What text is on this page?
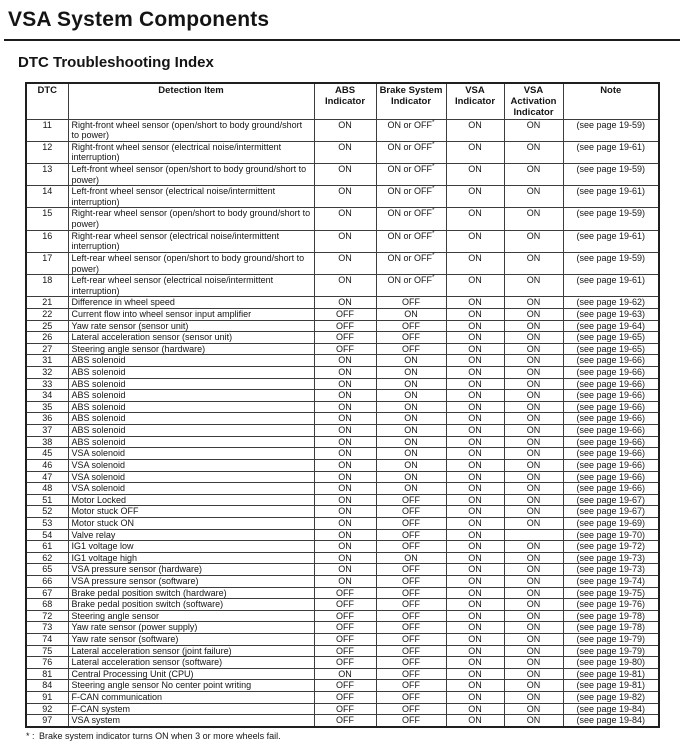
VSA System Components
DTC Troubleshooting Index
DTC	Detection Item	ABS Indicator	Brake System Indicator	VSA Indicator	VSA Activation Indicator	Note
11	Right-front wheel sensor (open/short to body ground/short to power)	ON	ON or OFF*	ON	ON	(see page 19-59)
12	Right-front wheel sensor (electrical noise/intermittent interruption)	ON	ON or OFF*	ON	ON	(see page 19-61)
13	Left-front wheel sensor (open/short to body ground/short to power)	ON	ON or OFF*	ON	ON	(see page 19-59)
14	Left-front wheel sensor (electrical noise/intermittent interruption)	ON	ON or OFF*	ON	ON	(see page 19-61)
15	Right-rear wheel sensor (open/short to body ground/short to power)	ON	ON or OFF*	ON	ON	(see page 19-59)
16	Right-rear wheel sensor (electrical noise/intermittent interruption)	ON	ON or OFF*	ON	ON	(see page 19-61)
17	Left-rear wheel sensor (open/short to body ground/short to power)	ON	ON or OFF*	ON	ON	(see page 19-59)
18	Left-rear wheel sensor (electrical noise/intermittent interruption)	ON	ON or OFF*	ON	ON	(see page 19-61)
21	Difference in wheel speed	ON	OFF	ON	ON	(see page 19-62)
22	Current flow into wheel sensor input amplifier	OFF	ON	ON	ON	(see page 19-63)
25	Yaw rate sensor (sensor unit)	OFF	OFF	ON	ON	(see page 19-64)
26	Lateral acceleration sensor (sensor unit)	OFF	OFF	ON	ON	(see page 19-65)
27	Steering angle sensor (hardware)	OFF	OFF	ON	ON	(see page 19-65)
31	ABS solenoid	ON	ON	ON	ON	(see page 19-66)
32	ABS solenoid	ON	ON	ON	ON	(see page 19-66)
33	ABS solenoid	ON	ON	ON	ON	(see page 19-66)
34	ABS solenoid	ON	ON	ON	ON	(see page 19-66)
35	ABS solenoid	ON	ON	ON	ON	(see page 19-66)
36	ABS solenoid	ON	ON	ON	ON	(see page 19-66)
37	ABS solenoid	ON	ON	ON	ON	(see page 19-66)
38	ABS solenoid	ON	ON	ON	ON	(see page 19-66)
45	VSA solenoid	ON	ON	ON	ON	(see page 19-66)
46	VSA solenoid	ON	ON	ON	ON	(see page 19-66)
47	VSA solenoid	ON	ON	ON	ON	(see page 19-66)
48	VSA solenoid	ON	ON	ON	ON	(see page 19-66)
51	Motor Locked	ON	OFF	ON	ON	(see page 19-67)
52	Motor stuck OFF	ON	OFF	ON	ON	(see page 19-67)
53	Motor stuck ON	ON	OFF	ON	ON	(see page 19-69)
54	Valve relay	ON	OFF	ON		(see page 19-70)
61	IG1 voltage low	ON	OFF	ON	ON	(see page 19-72)
62	IG1 voltage high	ON	ON	ON	ON	(see page 19-73)
65	VSA pressure sensor (hardware)	ON	OFF	ON	ON	(see page 19-73)
66	VSA pressure sensor (software)	ON	OFF	ON	ON	(see page 19-74)
67	Brake pedal position switch (hardware)	OFF	OFF	ON	ON	(see page 19-75)
68	Brake pedal position switch (software)	OFF	OFF	ON	ON	(see page 19-76)
72	Steering angle sensor	OFF	OFF	ON	ON	(see page 19-78)
73	Yaw rate sensor (power supply)	OFF	OFF	ON	ON	(see page 19-78)
74	Yaw rate sensor (software)	OFF	OFF	ON	ON	(see page 19-79)
75	Lateral acceleration sensor (joint failure)	OFF	OFF	ON	ON	(see page 19-79)
76	Lateral acceleration sensor (software)	OFF	OFF	ON	ON	(see page 19-80)
81	Central Processing Unit (CPU)	ON	OFF	ON	ON	(see page 19-81)
84	Steering angle sensor No center point writing	OFF	OFF	ON	ON	(see page 19-81)
91	F-CAN communication	OFF	OFF	ON	ON	(see page 19-82)
92	F-CAN system	OFF	OFF	ON	ON	(see page 19-84)
97	VSA system	OFF	OFF	ON	ON	(see page 19-84)
* : Brake system indicator turns ON when 3 or more wheels fail.
